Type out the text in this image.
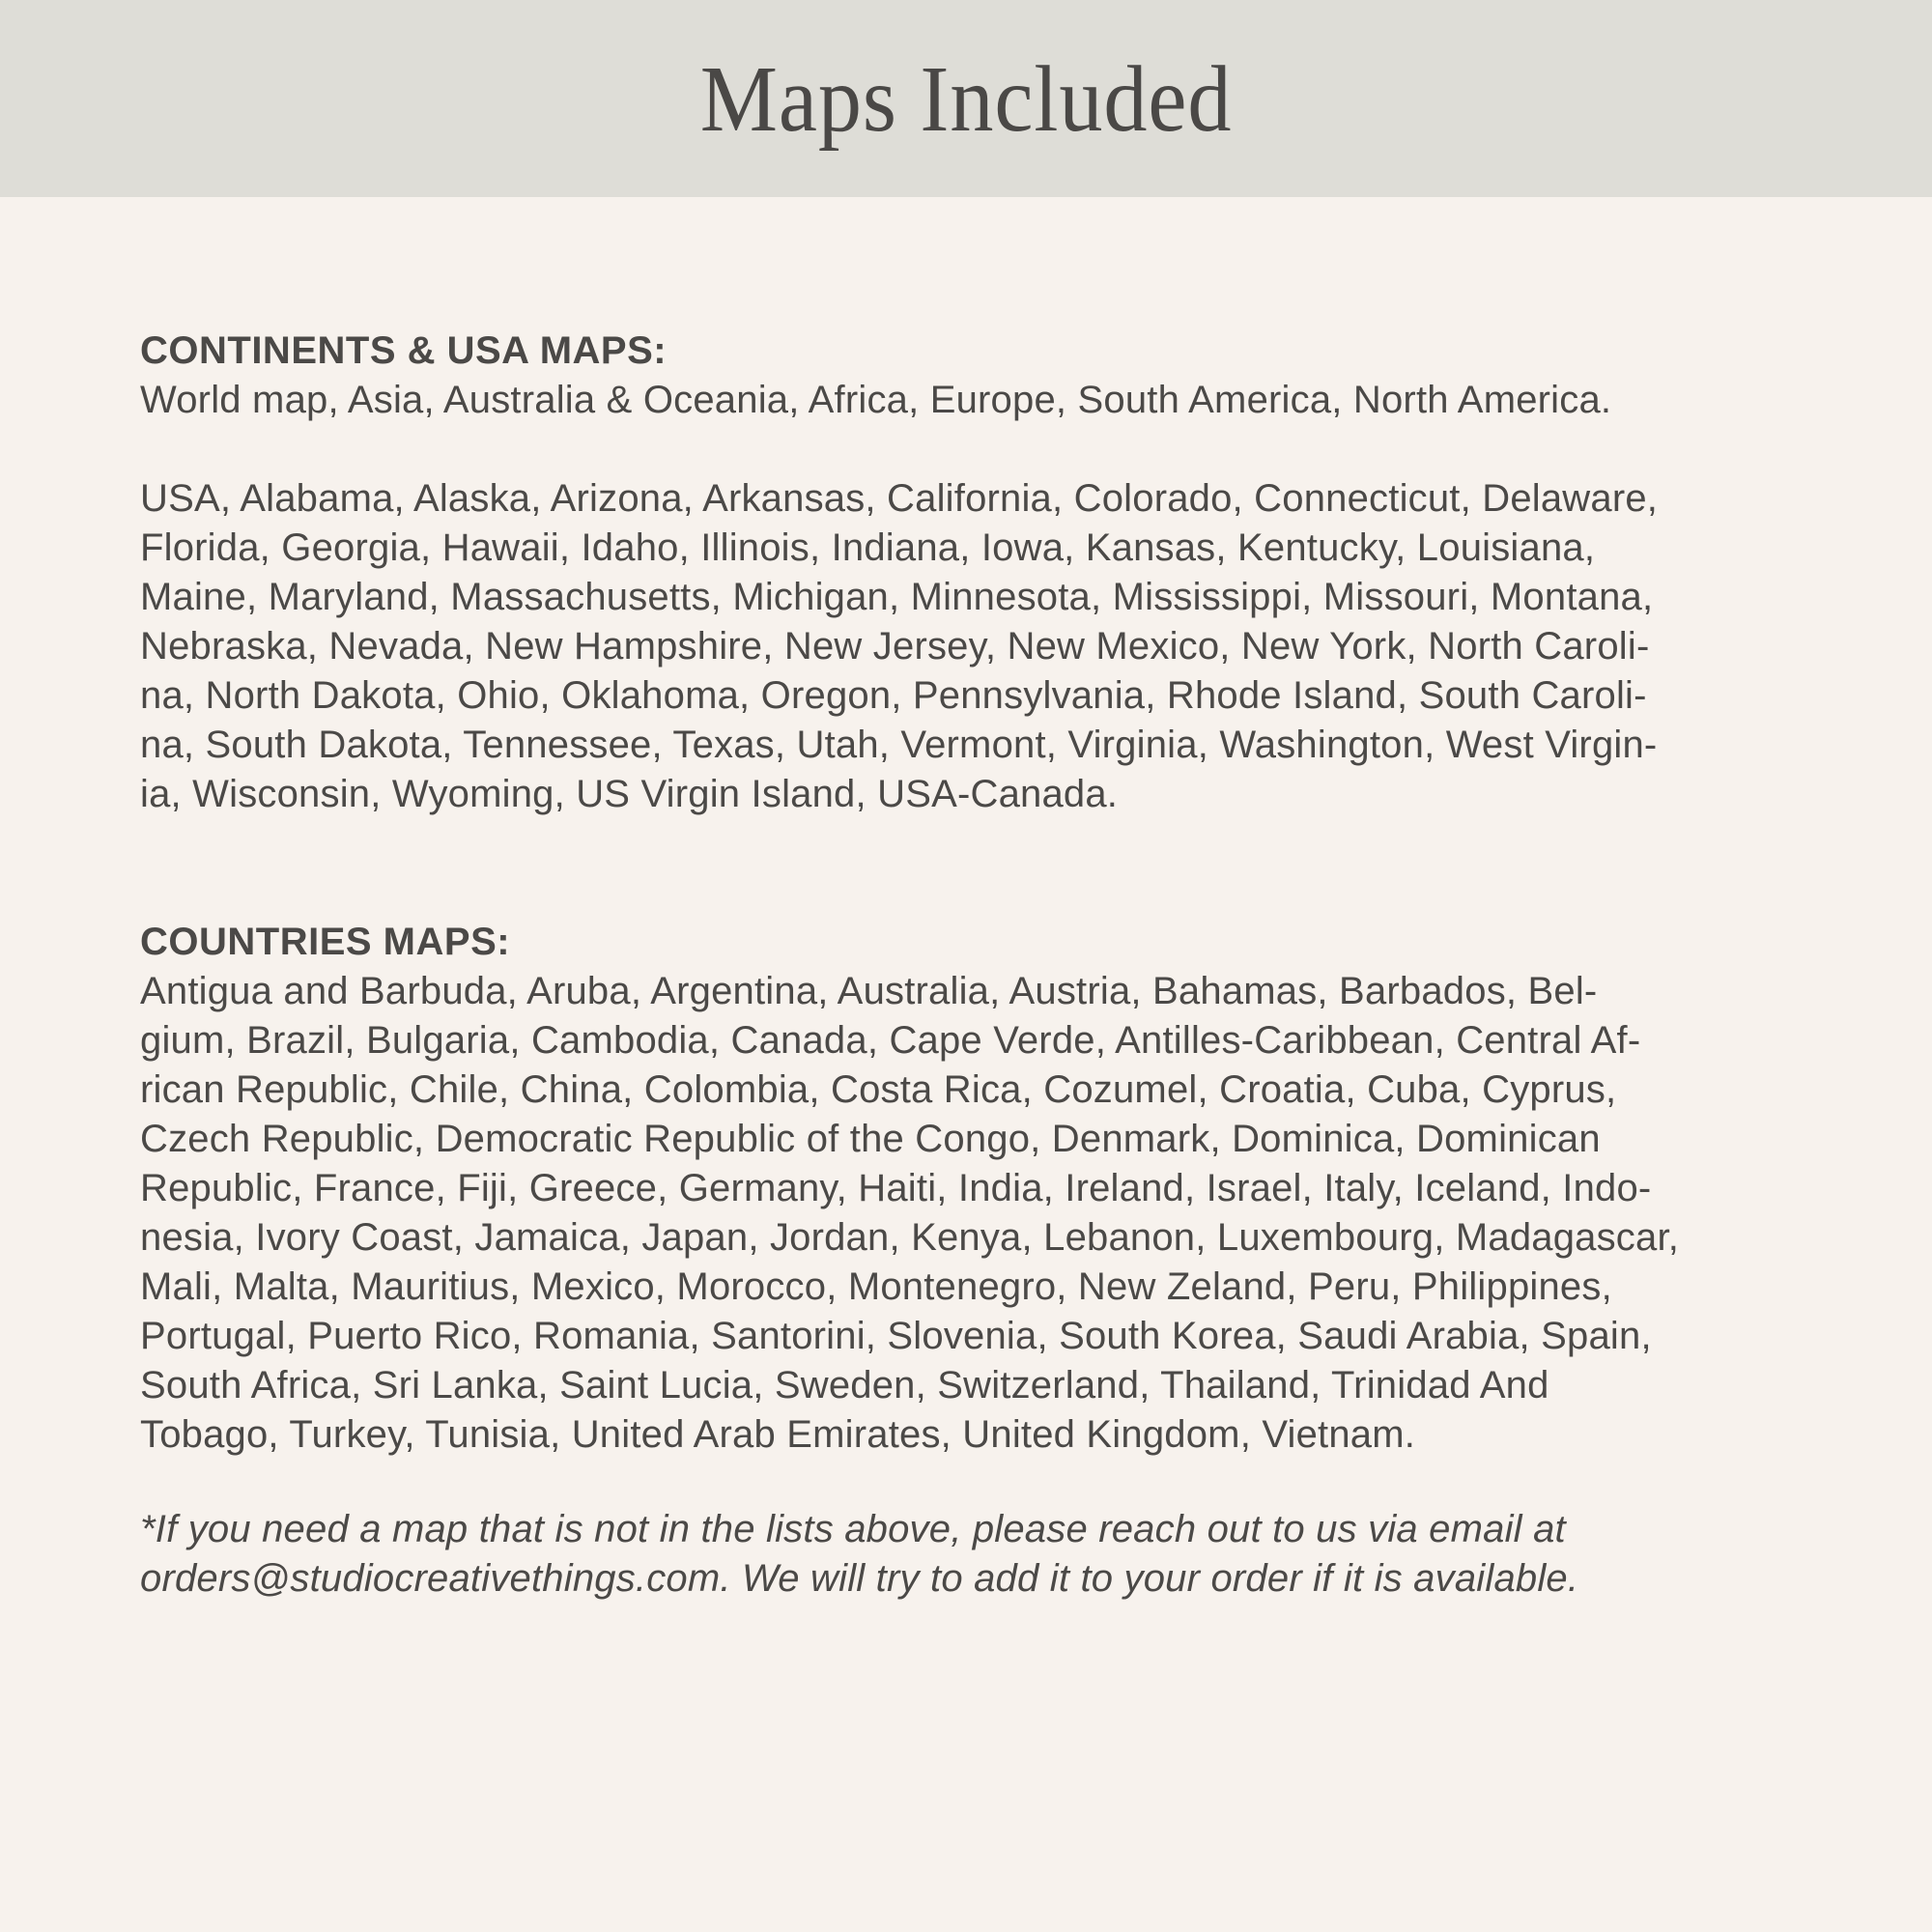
Maps Included
CONTINENTS & USA MAPS:
World map, Asia, Australia & Oceania, Africa, Europe, South America, North America.
USA, Alabama, Alaska, Arizona, Arkansas, California, Colorado, Connecticut, Delaware,
Florida, Georgia, Hawaii, Idaho, Illinois, Indiana, Iowa, Kansas, Kentucky, Louisiana,
Maine, Maryland, Massachusetts, Michigan, Minnesota, Mississippi, Missouri, Montana,
Nebraska, Nevada, New Hampshire, New Jersey, New Mexico, New York, North Caroli-
na, North Dakota, Ohio, Oklahoma, Oregon, Pennsylvania, Rhode Island, South Caroli-
na, South Dakota, Tennessee, Texas, Utah, Vermont, Virginia, Washington, West Virgin-
ia, Wisconsin, Wyoming, US Virgin Island, USA-Canada.
COUNTRIES MAPS:
Antigua and Barbuda, Aruba, Argentina, Australia, Austria, Bahamas, Barbados, Bel-
gium, Brazil, Bulgaria, Cambodia, Canada, Cape Verde, Antilles-Caribbean, Central Af-
rican Republic, Chile, China, Colombia, Costa Rica, Cozumel, Croatia, Cuba, Cyprus,
Czech Republic, Democratic Republic of the Congo, Denmark, Dominica, Dominican
Republic, France, Fiji, Greece, Germany, Haiti, India, Ireland, Israel, Italy, Iceland, Indo-
nesia, Ivory Coast, Jamaica, Japan, Jordan, Kenya, Lebanon, Luxembourg, Madagascar,
Mali, Malta, Mauritius, Mexico, Morocco, Montenegro, New Zeland, Peru, Philippines,
Portugal, Puerto Rico, Romania, Santorini, Slovenia, South Korea, Saudi Arabia, Spain,
South Africa, Sri Lanka, Saint Lucia, Sweden, Switzerland, Thailand, Trinidad And
Tobago, Turkey, Tunisia, United Arab Emirates, United Kingdom, Vietnam.
*If you need a map that is not in the lists above, please reach out to us via email at
orders@studiocreativethings.com. We will try to add it to your order if it is available.
